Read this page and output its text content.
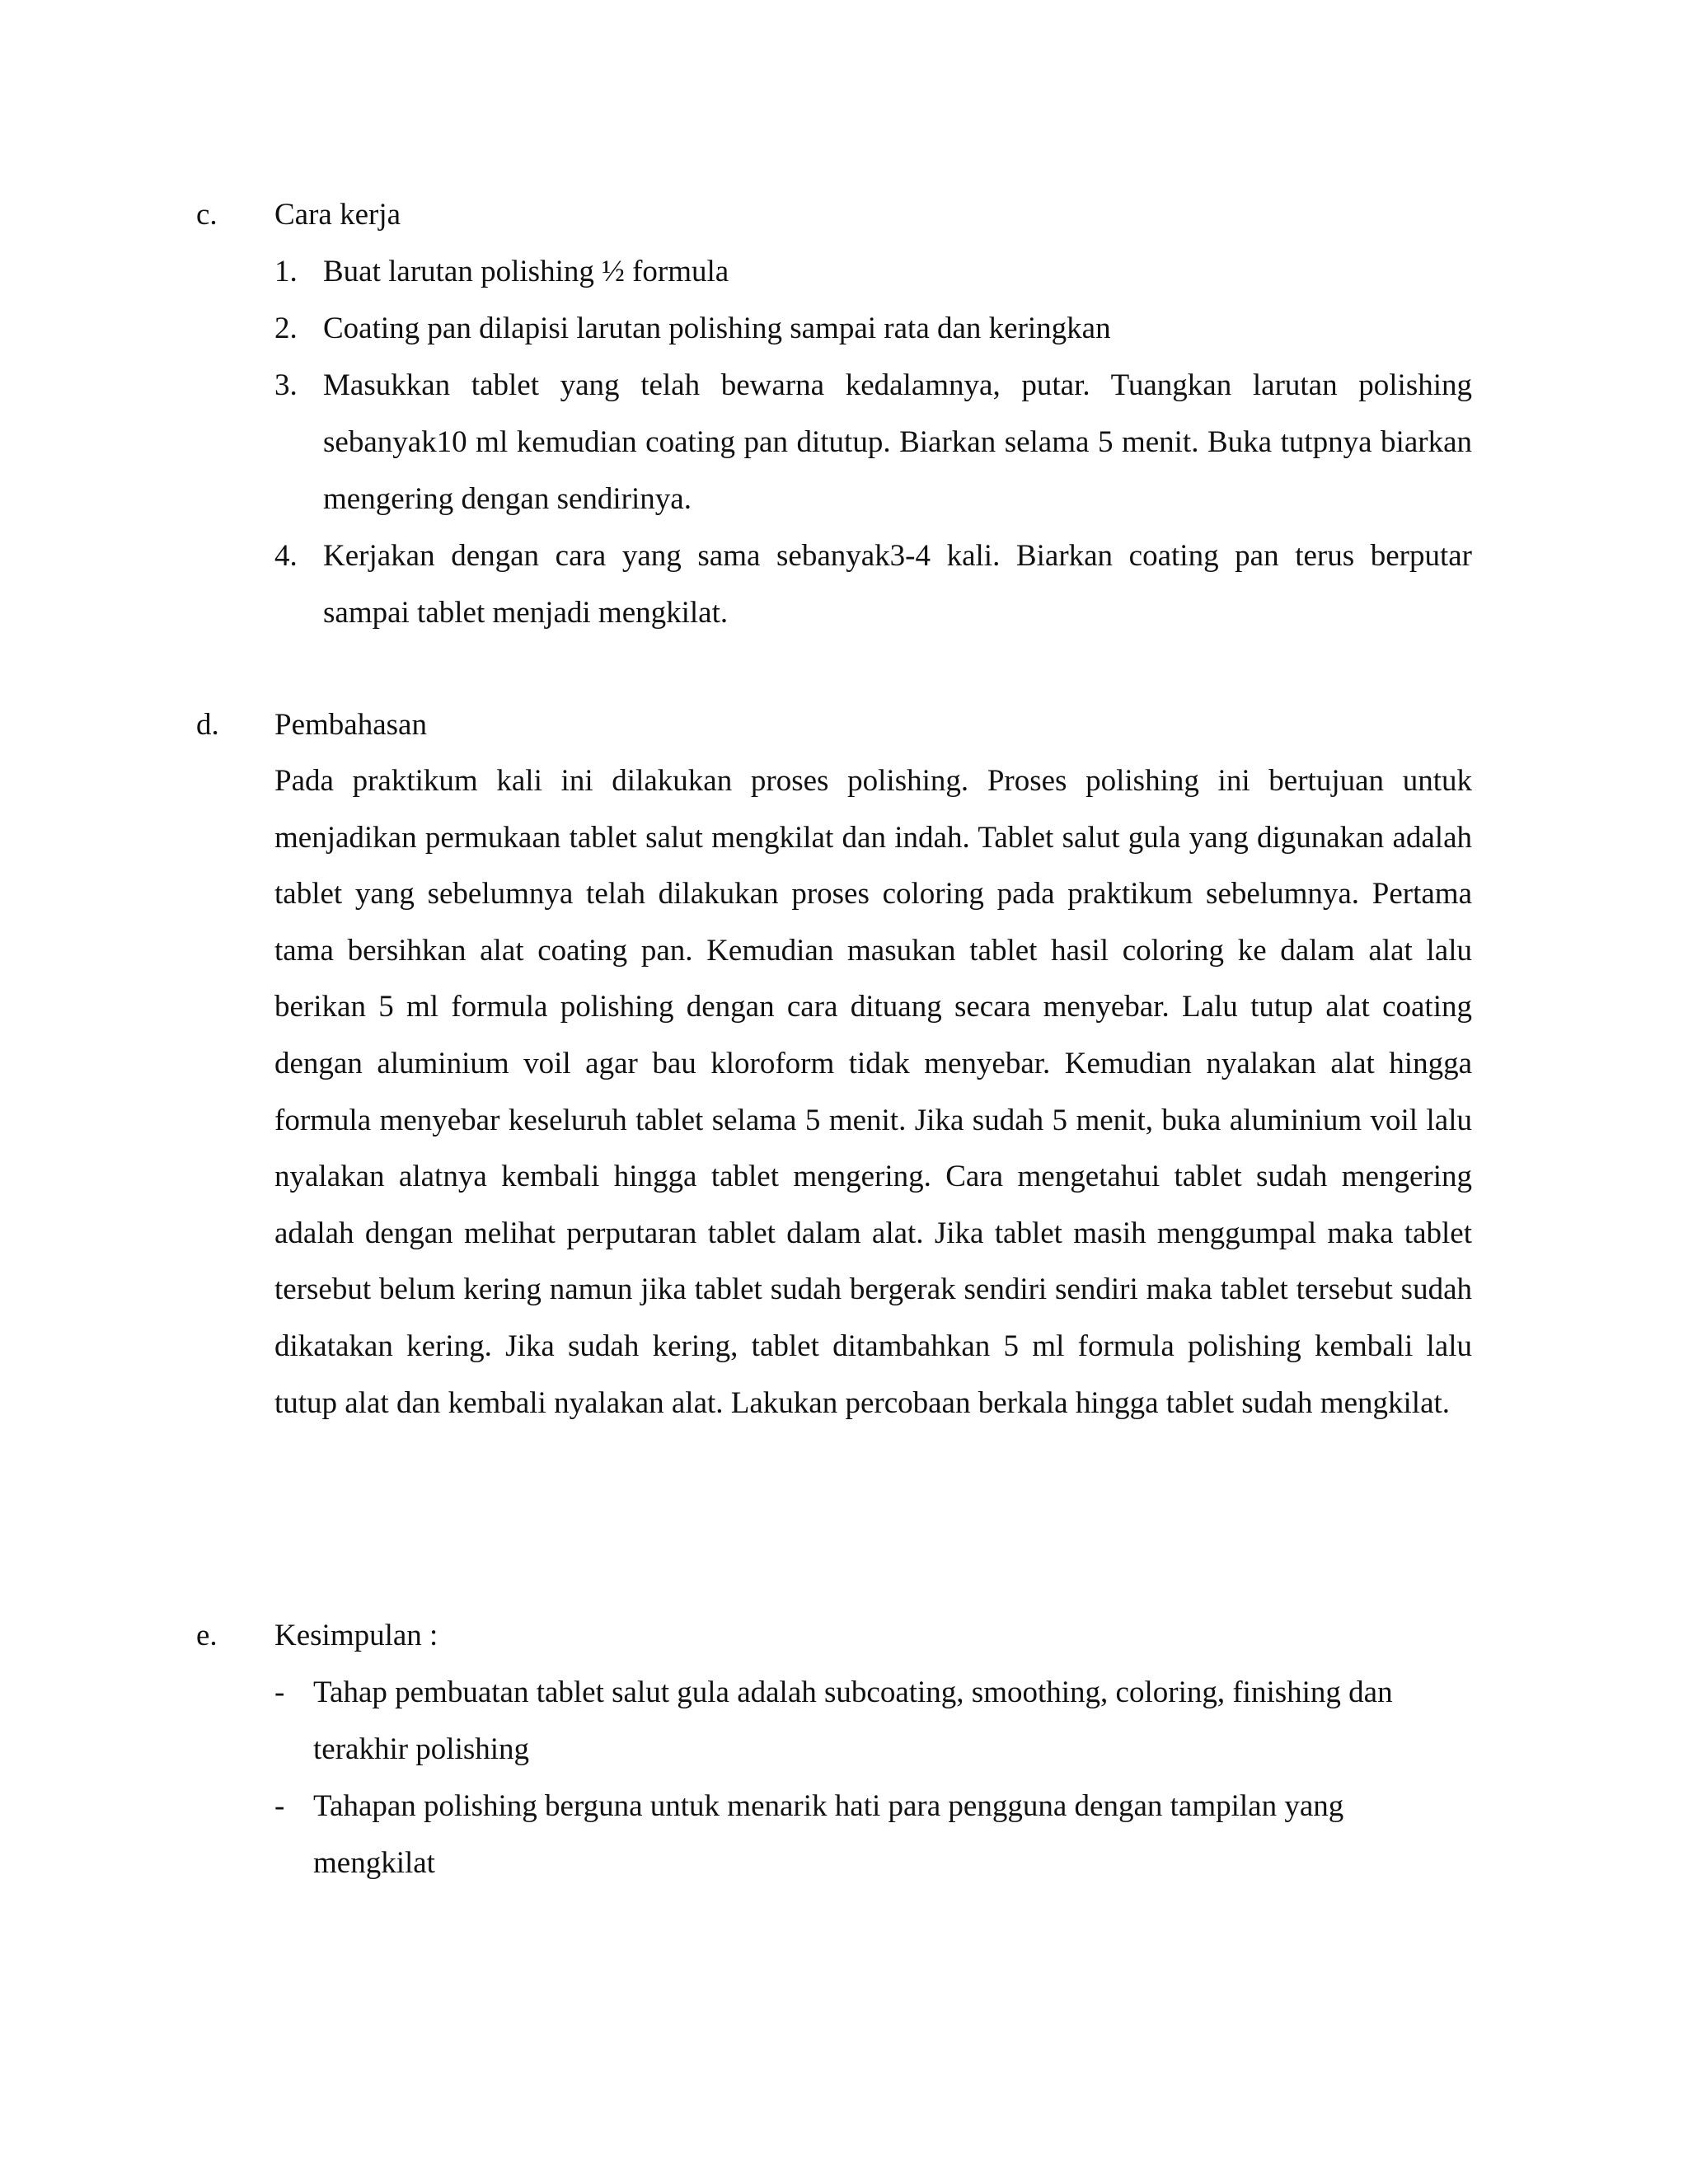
c. Cara kerja
1. Buat larutan polishing ½ formula
2. Coating pan dilapisi larutan polishing sampai rata dan keringkan
3. Masukkan tablet yang telah bewarna kedalamnya, putar. Tuangkan larutan polishing sebanyak10 ml kemudian coating pan ditutup. Biarkan selama 5 menit. Buka tutpnya biarkan mengering dengan sendirinya.
4. Kerjakan dengan cara yang sama sebanyak3-4 kali. Biarkan coating pan terus berputar sampai tablet menjadi mengkilat.
d. Pembahasan
Pada praktikum kali ini dilakukan proses polishing. Proses polishing ini bertujuan untuk menjadikan permukaan tablet salut mengkilat dan indah. Tablet salut gula yang digunakan adalah tablet yang sebelumnya telah dilakukan proses coloring pada praktikum sebelumnya. Pertama tama bersihkan alat coating pan. Kemudian masukan tablet hasil coloring ke dalam alat lalu berikan 5 ml formula polishing dengan cara dituang secara menyebar. Lalu tutup alat coating dengan aluminium voil agar bau kloroform tidak menyebar. Kemudian nyalakan alat hingga formula menyebar keseluruh tablet selama 5 menit. Jika sudah 5 menit, buka aluminium voil lalu nyalakan alatnya kembali hingga tablet mengering. Cara mengetahui tablet sudah mengering adalah dengan melihat perputaran tablet dalam alat. Jika tablet masih menggumpal maka tablet tersebut belum kering namun jika tablet sudah bergerak sendiri sendiri maka tablet tersebut sudah dikatakan kering. Jika sudah kering, tablet ditambahkan 5 ml formula polishing kembali lalu tutup alat dan kembali nyalakan alat. Lakukan percobaan berkala hingga tablet sudah mengkilat.
e. Kesimpulan :
- Tahap pembuatan tablet salut gula adalah subcoating, smoothing, coloring, finishing dan terakhir polishing
- Tahapan polishing berguna untuk menarik hati para pengguna dengan tampilan yang mengkilat
